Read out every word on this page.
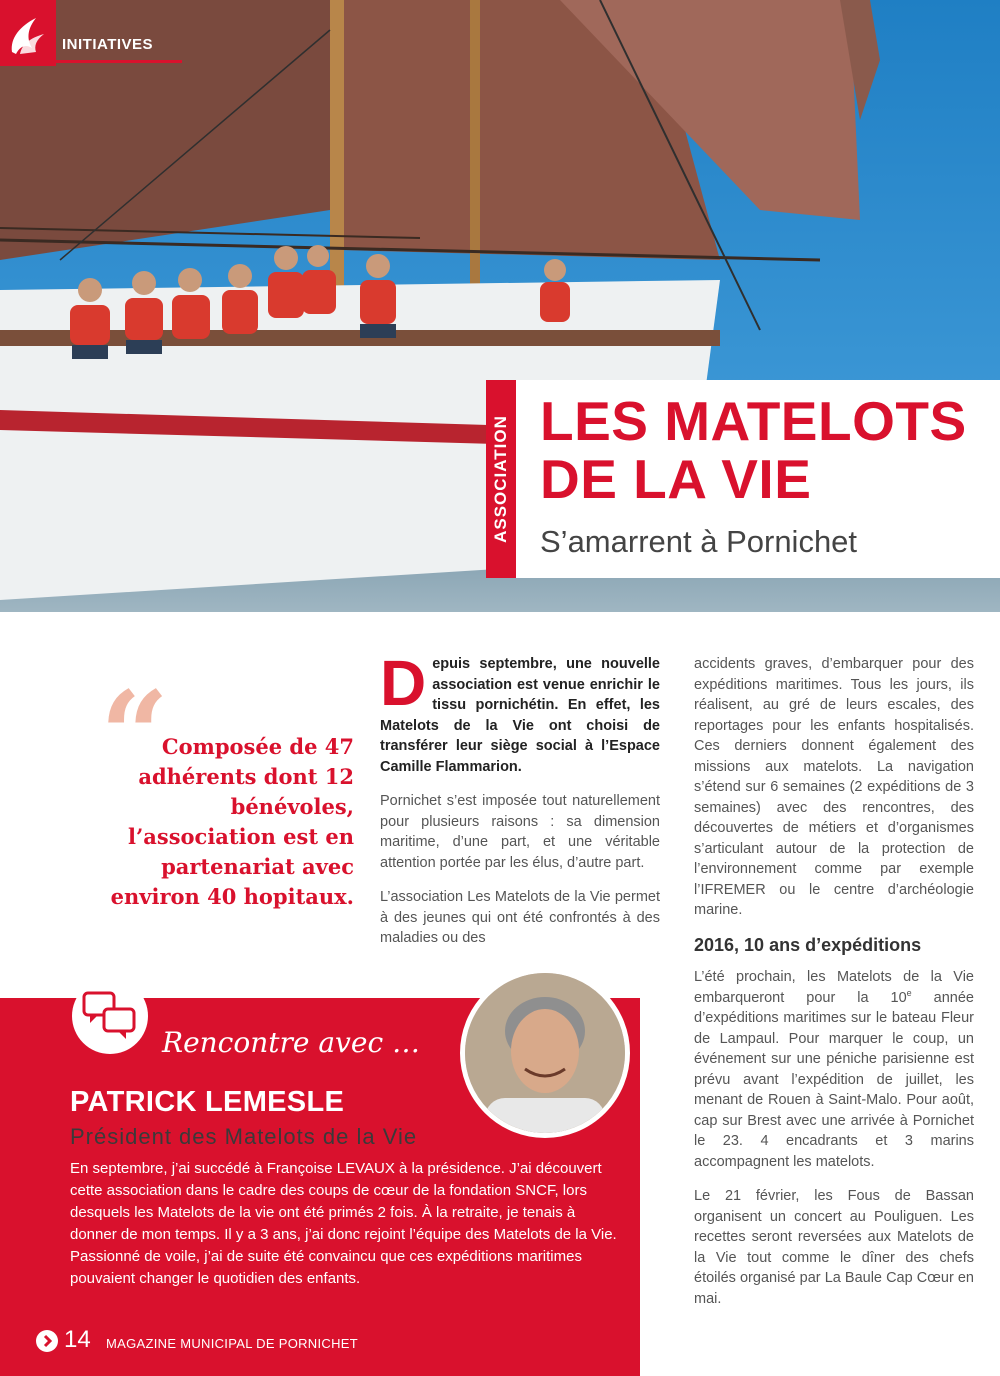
INITIATIVES
ASSOCIATION LES MATELOTS
DE LA VIE
S’amarrent à Pornichet
“
Composée de 47 adhérents dont 12 bénévoles, l’association est en partenariat avec environ 40 hopitaux.

Depuis septembre, une nouvelle association est venue enrichir le tissu pornichétin. En effet, les Matelots de la Vie ont choisi de transférer leur siège social à l’Espace Camille Flammarion.

Pornichet s’est imposée tout naturellement pour plusieurs raisons : sa dimension maritime, d’une part, et une véritable attention portée par les élus, d’autre part.

L’association Les Matelots de la Vie permet à des jeunes qui ont été confrontés à des maladies ou des

accidents graves, d’embarquer pour des expéditions maritimes. Tous les jours, ils réalisent, au gré de leurs escales, des reportages pour les enfants hospitalisés. Ces derniers donnent également des missions aux matelots. La navigation s’étend sur 6 semaines (2 expéditions de 3 semaines) avec des rencontres, des découvertes de métiers et d’organismes s’articulant autour de la protection de l’environnement comme par exemple l’IFREMER ou le centre d’archéologie marine.

2016, 10 ans d’expéditions

L’été prochain, les Matelots de la Vie embarqueront pour la 10e année d’expéditions maritimes sur le bateau Fleur de Lampaul. Pour marquer le coup, un événement sur une péniche parisienne est prévu avant l’expédition de juillet, les menant de Rouen à Saint-Malo. Pour août, cap sur Brest avec une arrivée à Pornichet le 23. 4 encadrants et 3 marins accompagnent les matelots.

Le 21 février, les Fous de Bassan organisent un concert au Pouliguen. Les recettes seront reversées aux Matelots de la Vie tout comme le dîner des chefs étoilés organisé par La Baule Cap Cœur en mai.

Rencontre avec …
PATRICK LEMESLE
Président des Matelots de la Vie
En septembre, j’ai succédé à Françoise LEVAUX à la présidence. J’ai découvert cette association dans le cadre des coups de cœur de la fondation SNCF, lors desquels les Matelots de la vie ont été primés 2 fois. À la retraite, je tenais à donner de mon temps. Il y a 3 ans, j’ai donc rejoint l’équipe des Matelots de la Vie. Passionné de voile, j’ai de suite été convaincu que ces expéditions maritimes pouvaient changer le quotidien des enfants.
14 MAGAZINE MUNICIPAL DE PORNICHET
